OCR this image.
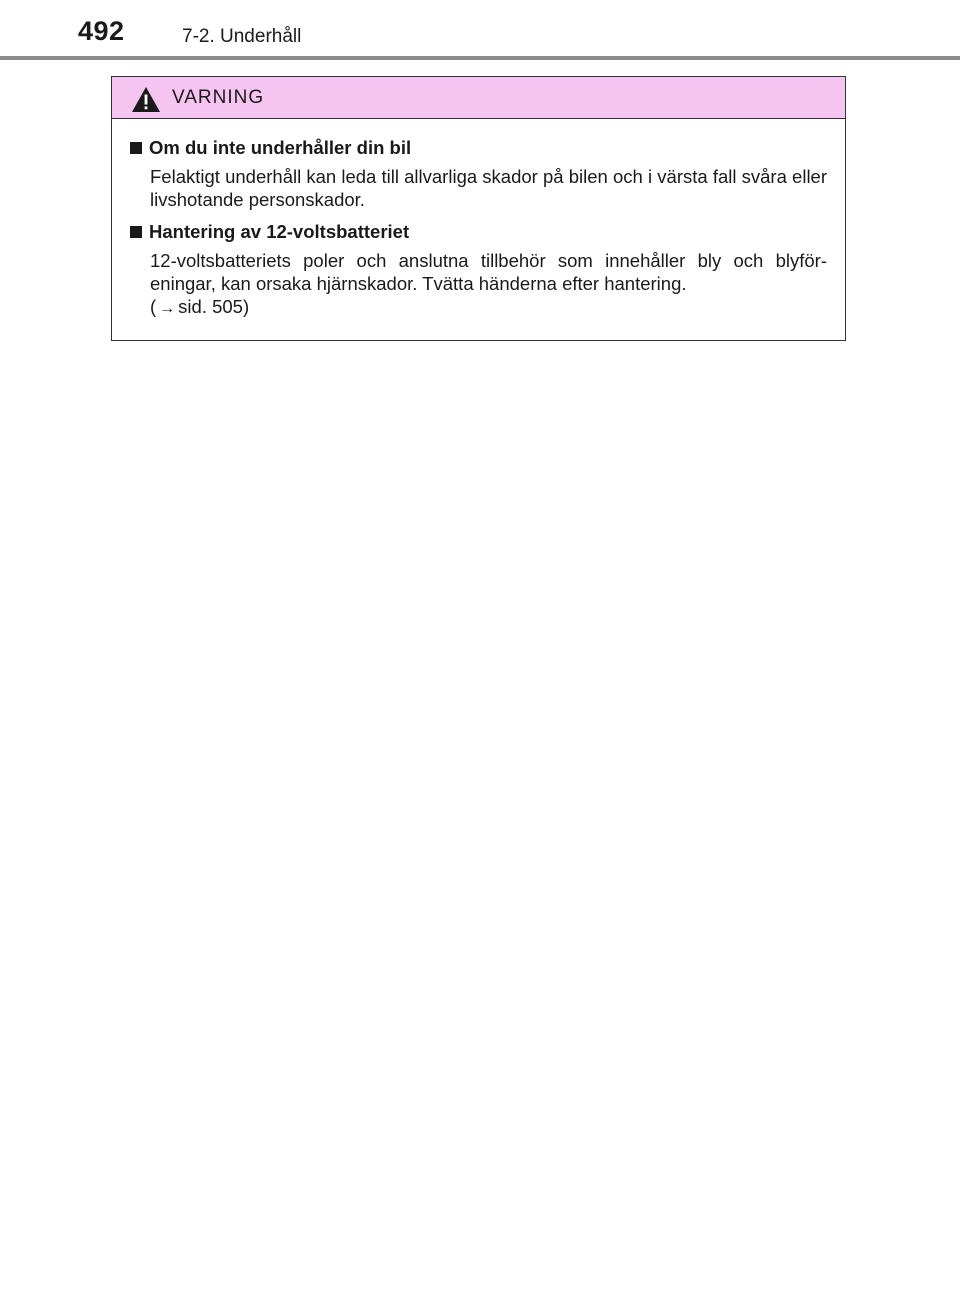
492	7-2. Underhåll
VARNING
Om du inte underhåller din bil
Felaktigt underhåll kan leda till allvarliga skador på bilen och i värsta fall svåra eller livshotande personskador.
Hantering av 12-voltsbatteriet
12-voltsbatteriets poler och anslutna tillbehör som innehåller bly och blyför-eningar, kan orsaka hjärnskador. Tvätta händerna efter hantering.
( → sid. 505)
